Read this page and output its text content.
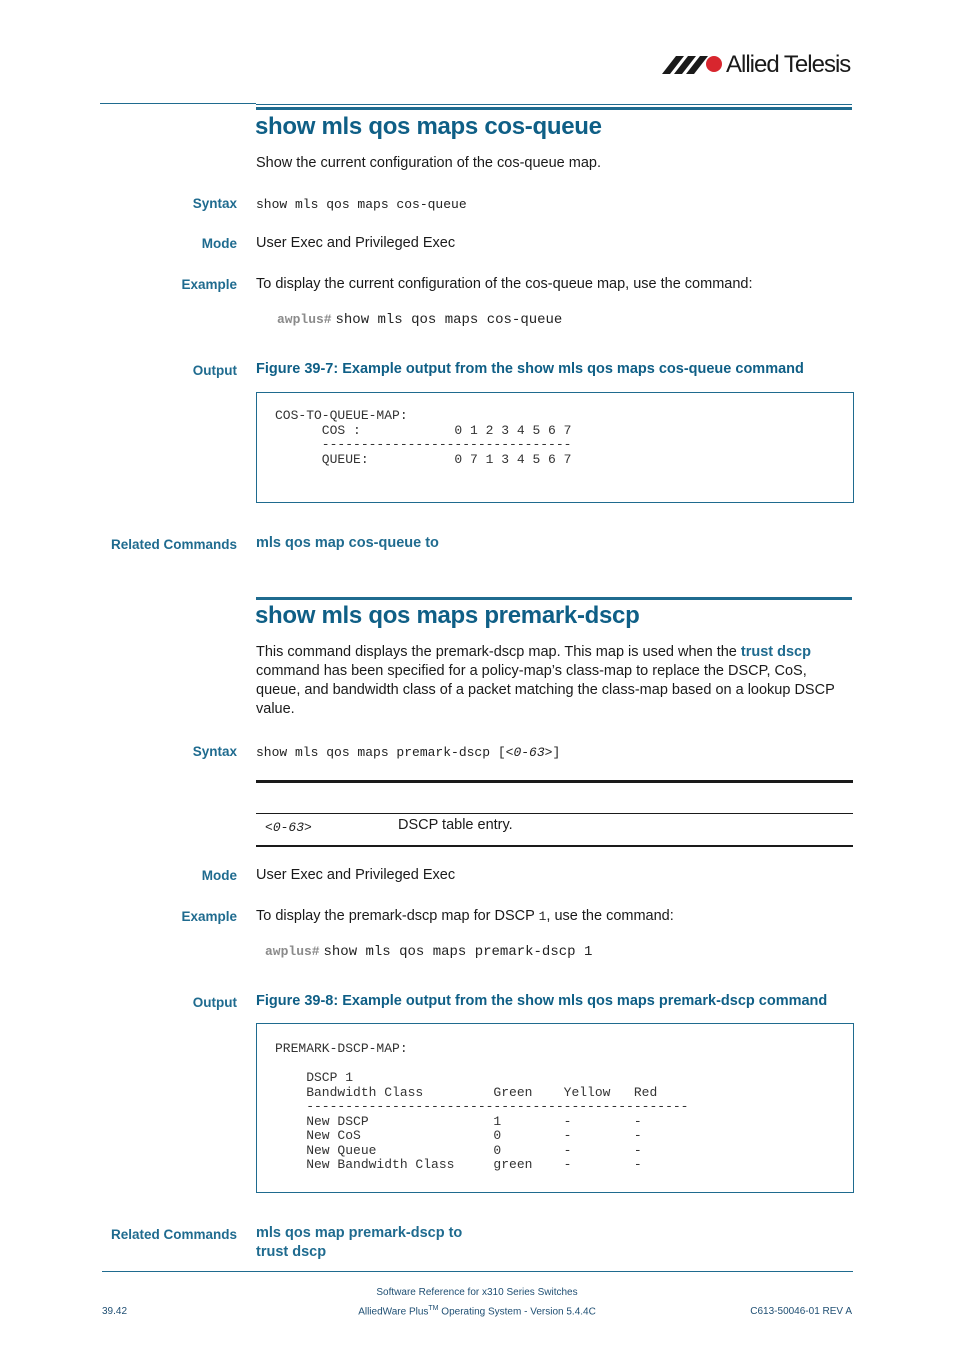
Allied Telesis
show mls qos maps cos-queue
Show the current configuration of the cos-queue map.
Syntax show mls qos maps cos-queue
Mode User Exec and Privileged Exec
Example To display the current configuration of the cos-queue map, use the command:
awplus# show mls qos maps cos-queue
Output Figure 39-7: Example output from the show mls qos maps cos-queue command
COS-TO-QUEUE-MAP:
COS :            0 1 2 3 4 5 6 7
--------------------------------
QUEUE:           0 7 1 3 4 5 6 7
Related Commands mls qos map cos-queue to
show mls qos maps premark-dscp
This command displays the premark-dscp map. This map is used when the trust dscp
command has been specified for a policy-map’s class-map to replace the DSCP, CoS,
queue, and bandwidth class of a packet matching the class-map based on a lookup DSCP
value.
Syntax show mls qos maps premark-dscp [<0-63>]
<0-63>	DSCP table entry.
Mode User Exec and Privileged Exec
Example To display the premark-dscp map for DSCP 1, use the command:
awplus# show mls qos maps premark-dscp 1
Output Figure 39-8: Example output from the show mls qos maps premark-dscp command
PREMARK-DSCP-MAP:

DSCP 1
Bandwidth Class         Green    Yellow   Red
-------------------------------------------------
New DSCP                1        -        -
New CoS                 0        -        -
New Queue               0        -        -
New Bandwidth Class     green    -        -
Related Commands mls qos map premark-dscp to
trust dscp
Software Reference for x310 Series Switches
AlliedWare Plus™ Operating System - Version 5.4.4C
39.42	C613-50046-01 REV A
